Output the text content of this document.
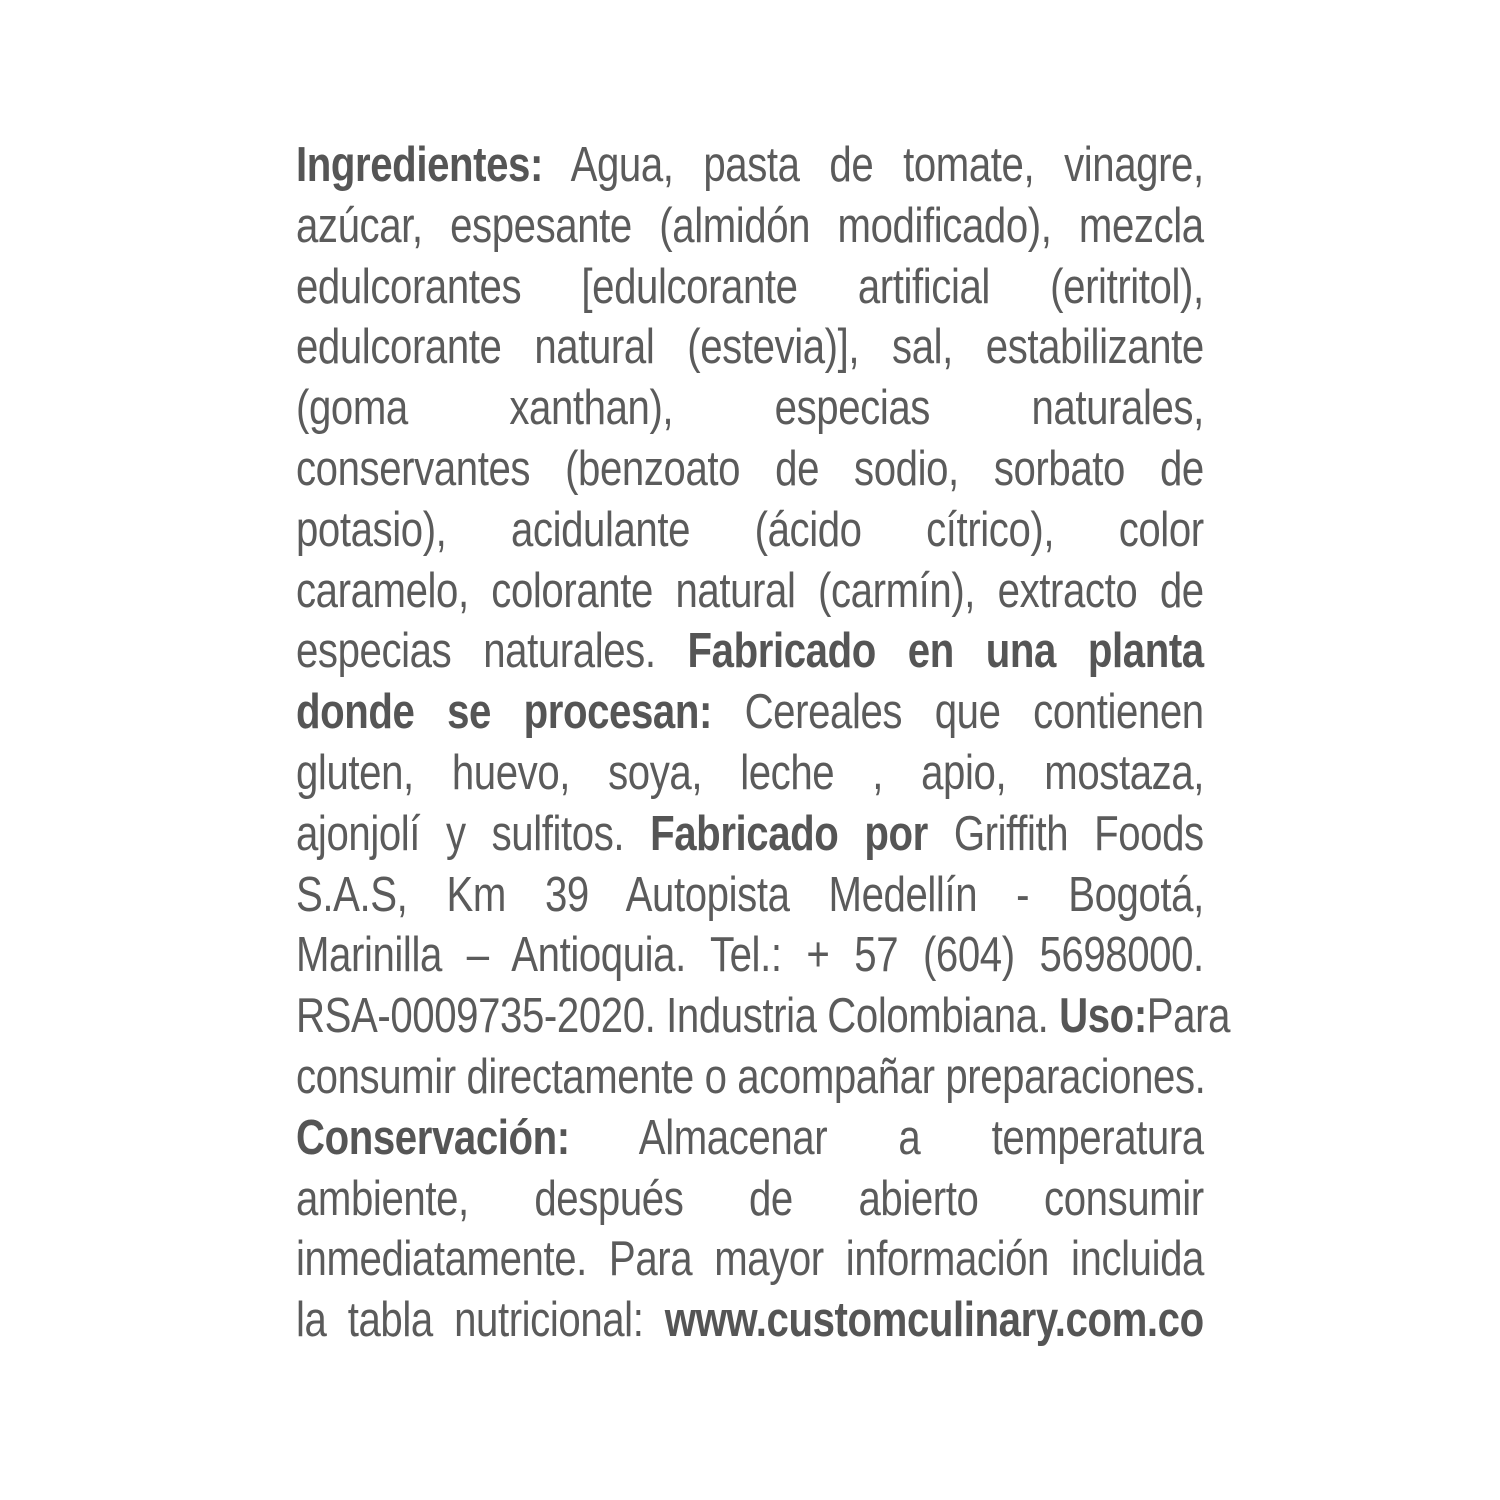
Ingredientes: Agua, pasta de tomate, vinagre,
azúcar, espesante (almidón modificado), mezcla
edulcorantes [edulcorante artificial (eritritol),
edulcorante natural (estevia)], sal, estabilizante
(goma xanthan), especias naturales,
conservantes (benzoato de sodio, sorbato de
potasio), acidulante (ácido cítrico), color
caramelo, colorante natural (carmín), extracto de
especias naturales. Fabricado en una planta
donde se procesan: Cereales que contienen
gluten, huevo, soya, leche , apio, mostaza,
ajonjolí y sulfitos. Fabricado por Griffith Foods
S.A.S, Km 39 Autopista Medellín - Bogotá,
Marinilla – Antioquia. Tel.: + 57 (604) 5698000.
RSA-0009735-2020. Industria Colombiana. Uso:Para
consumir directamente o acompañar preparaciones.
Conservación: Almacenar a temperatura
ambiente, después de abierto consumir
inmediatamente. Para mayor información incluida
la tabla nutricional: www.customculinary.com.co
